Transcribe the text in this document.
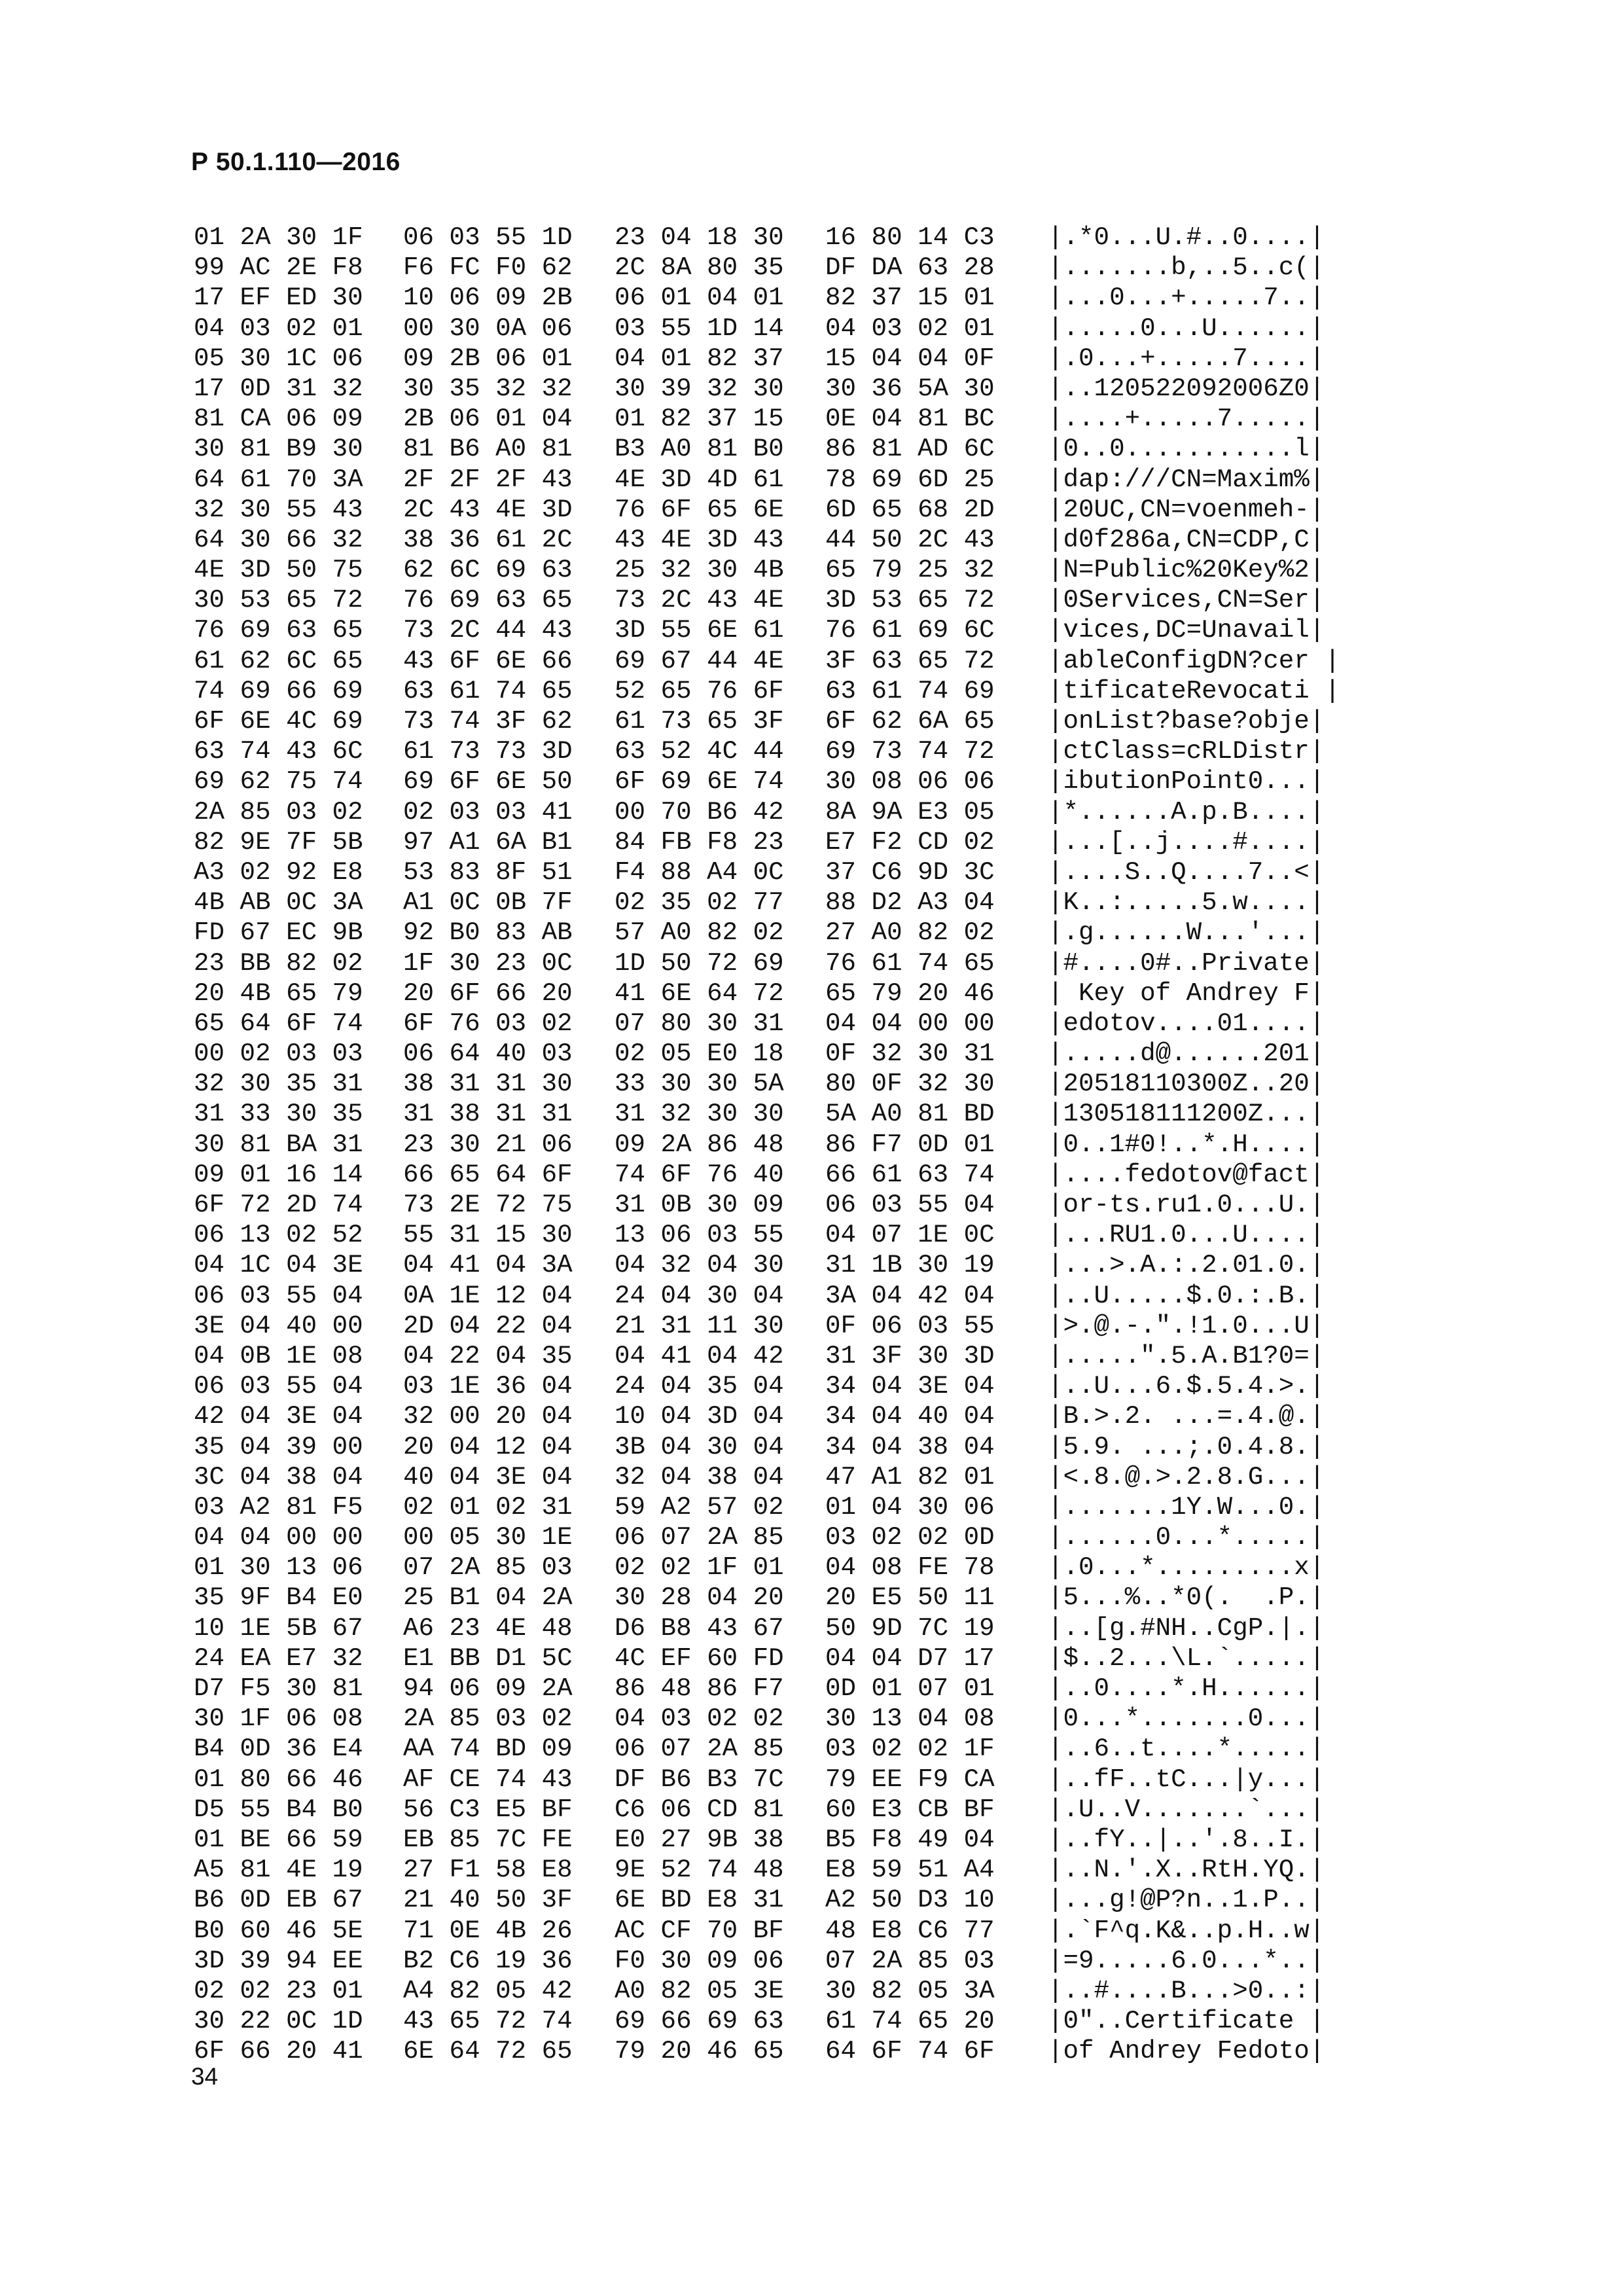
Р 50.1.110—2016
01 2A 30 1F 06 03 55 1D 23 04 18 30 16 80 14 C3 |.*0...U.#..0....|
99 AC 2E F8 F6 FC F0 62 2C 8A 80 35 DF DA 63 28 |.......b,..5..c(|
17 EF ED 30 10 06 09 2B 06 01 04 01 82 37 15 01 |...0...+.....7..|
04 03 02 01 00 30 0A 06 03 55 1D 14 04 03 02 01 |.....0...U......|
05 30 1C 06 09 2B 06 01 04 01 82 37 15 04 04 0F |.0...+.....7....|
17 0D 31 32 30 35 32 32 30 39 32 30 30 36 5A 30 |..120522092006Z0|
81 CA 06 09 2B 06 01 04 01 82 37 15 0E 04 81 BC |....+.....7.....|
30 81 B9 30 81 B6 A0 81 B3 A0 81 B0 86 81 AD 6C |0..0...........l|
64 61 70 3A 2F 2F 2F 43 4E 3D 4D 61 78 69 6D 25 |dap:///CN=Maxim%|
32 30 55 43 2C 43 4E 3D 76 6F 65 6E 6D 65 68 2D |20UC,CN=voenmeh-|
64 30 66 32 38 36 61 2C 43 4E 3D 43 44 50 2C 43 |d0f286a,CN=CDP,C|
4E 3D 50 75 62 6C 69 63 25 32 30 4B 65 79 25 32 |N=Public%20Key%2|
30 53 65 72 76 69 63 65 73 2C 43 4E 3D 53 65 72 |0Services,CN=Ser|
76 69 63 65 73 2C 44 43 3D 55 6E 61 76 61 69 6C |vices,DC=Unavail|
61 62 6C 65 43 6F 6E 66 69 67 44 4E 3F 63 65 72 |ableConfigDN?cer |
74 69 66 69 63 61 74 65 52 65 76 6F 63 61 74 69 |tificateRevocati |
6F 6E 4C 69 73 74 3F 62 61 73 65 3F 6F 62 6A 65 |onList?base?obje|
63 74 43 6C 61 73 73 3D 63 52 4C 44 69 73 74 72 |ctClass=cRLDistr|
69 62 75 74 69 6F 6E 50 6F 69 6E 74 30 08 06 06 |ibutionPoint0...|
2A 85 03 02 02 03 03 41 00 70 B6 42 8A 9A E3 05 |*......A.p.B....|
82 9E 7F 5B 97 A1 6A B1 84 FB F8 23 E7 F2 CD 02 |...[..j....#....|
A3 02 92 E8 53 83 8F 51 F4 88 A4 0C 37 C6 9D 3C |....S..Q....7..<|
4B AB 0C 3A A1 0C 0B 7F 02 35 02 77 88 D2 A3 04 |K..:.....5.w....|
FD 67 EC 9B 92 B0 83 AB 57 A0 82 02 27 A0 82 02 |.g......W...'...|
23 BB 82 02 1F 30 23 0C 1D 50 72 69 76 61 74 65 |#....0#..Private|
20 4B 65 79 20 6F 66 20 41 6E 64 72 65 79 20 46 | Key of Andrey F|
65 64 6F 74 6F 76 03 02 07 80 30 31 04 04 00 00 |edotov....01....|
00 02 03 03 06 64 40 03 02 05 E0 18 0F 32 30 31 |.....d@......201|
32 30 35 31 38 31 31 30 33 30 30 5A 80 0F 32 30 |20518110300Z..20|
31 33 30 35 31 38 31 31 31 32 30 30 5A A0 81 BD |130518111200Z...|
30 81 BA 31 23 30 21 06 09 2A 86 48 86 F7 0D 01 |0..1#0!..*.H....|
09 01 16 14 66 65 64 6F 74 6F 76 40 66 61 63 74 |....fedotov@fact|
6F 72 2D 74 73 2E 72 75 31 0B 30 09 06 03 55 04 |or-ts.ru1.0...U.|
06 13 02 52 55 31 15 30 13 06 03 55 04 07 1E 0C |...RU1.0...U....|
04 1C 04 3E 04 41 04 3A 04 32 04 30 31 1B 30 19 |...>.A.:.2.01.0.|
06 03 55 04 0A 1E 12 04 24 04 30 04 3A 04 42 04 |..U.....$.0.:.B.|
3E 04 40 00 2D 04 22 04 21 31 11 30 0F 06 03 55 |>.@.-.".!1.0...U|
04 0B 1E 08 04 22 04 35 04 41 04 42 31 3F 30 3D |.....".5.A.B1?0=|
06 03 55 04 03 1E 36 04 24 04 35 04 34 04 3E 04 |..U...6.$.5.4.>.|
42 04 3E 04 32 00 20 04 10 04 3D 04 34 04 40 04 |B.>.2. ...=.4.@.|
35 04 39 00 20 04 12 04 3B 04 30 04 34 04 38 04 |5.9. ...;.0.4.8.|
3C 04 38 04 40 04 3E 04 32 04 38 04 47 A1 82 01 |<.8.@.>.2.8.G...|
03 A2 81 F5 02 01 02 31 59 A2 57 02 01 04 30 06 |.......1Y.W...0.|
04 04 00 00 00 05 30 1E 06 07 2A 85 03 02 02 0D |......0...*.....|
01 30 13 06 07 2A 85 03 02 02 1F 01 04 08 FE 78 |.0...*.........x|
35 9F B4 E0 25 B1 04 2A 30 28 04 20 20 E5 50 11 |5...%..*0(.  .P.|
10 1E 5B 67 A6 23 4E 48 D6 B8 43 67 50 9D 7C 19 |..[g.#NH..CgP.|.|
24 EA E7 32 E1 BB D1 5C 4C EF 60 FD 04 04 D7 17 |$..2...\L.`.....|
D7 F5 30 81 94 06 09 2A 86 48 86 F7 0D 01 07 01 |..0....*.H......|
30 1F 06 08 2A 85 03 02 04 03 02 02 30 13 04 08 |0...*.......0...|
B4 0D 36 E4 AA 74 BD 09 06 07 2A 85 03 02 02 1F |..6..t....*.....|
01 80 66 46 AF CE 74 43 DF B6 B3 7C 79 EE F9 CA |..fF..tC...|y...|
D5 55 B4 B0 56 C3 E5 BF C6 06 CD 81 60 E3 CB BF |.U..V.......`...|
01 BE 66 59 EB 85 7C FE E0 27 9B 38 B5 F8 49 04 |..fY..|..'.8..I.|
A5 81 4E 19 27 F1 58 E8 9E 52 74 48 E8 59 51 A4 |..N.'.X..RtH.YQ.|
B6 0D EB 67 21 40 50 3F 6E BD E8 31 A2 50 D3 10 |...g!@P?n..1.P..|
B0 60 46 5E 71 0E 4B 26 AC CF 70 BF 48 E8 C6 77 |.`F^q.K&..p.H..w|
3D 39 94 EE B2 C6 19 36 F0 30 09 06 07 2A 85 03 |=9.....6.0...*..|
02 02 23 01 A4 82 05 42 A0 82 05 3E 30 82 05 3A |..#....B...>0..:|
30 22 0C 1D 43 65 72 74 69 66 69 63 61 74 65 20 |0"..Certificate |
6F 66 20 41 6E 64 72 65 79 20 46 65 64 6F 74 6F |of Andrey Fedoto|
34
